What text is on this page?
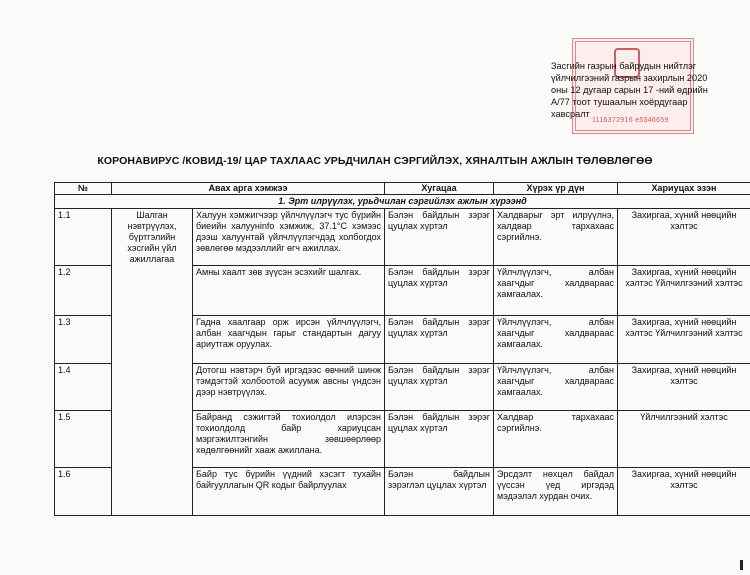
1116372916 e5346659
Засгийн газрын байрудын нийтлэг
үйлчилгээний газрын захирлын 2020
оны 12 дугаар сарын 17 -ний өдрийн
А/77 тоот тушаалын хоёрдугаар
хавсралт
КОРОНАВИРУС /КОВИД-19/ ЦАР ТАХЛААС УРЬДЧИЛАН СЭРГИЙЛЭХ, ХЯНАЛТЫН АЖЛЫН ТӨЛӨВЛӨГӨӨ
№	Авах арга хэмжээ		Хугацаа	Хүрэх үр дүн	Хариуцах эзэн
1. Эрт илрүүлэх, урьдчилан сэргийлэх ажлын хүрээнд					
1.1	Шалган нэвтрүүлэх, бүртгэлийн хэсгийн үйл ажиллагаа	Халуун хэмжигчээр үйлчлүүлэгч тус бүрийн биеийн халуунinfo хэмжиж, 37.1°С хэмээс дээш халуунтай үйлчлүүлэгчдэд холбогдох зөвлөгөө мэдээллийг өгч ажиллах.	Бэлэн байдлын зэрэг цуцлах хүртэл	Халдварыг эрт илрүүлнэ, халдвар тархахаас сэргийлнэ.	Захиргаа, хүний нөөцийн хэлтэс
1.2		Амны хаалт зөв зүүсэн эсэхийг шалгах.	Бэлэн байдлын зэрэг цуцлах хүртэл	Үйлчлүүлэгч, албан хаагчдыг халдвараас хамгаалах.	Захиргаа, хүний нөөцийн хэлтэс Үйлчилгээний хэлтэс
1.3		Гадна хаалгаар орж ирсэн үйлчлүүлэгч, албан хаагчдын гарыг стандартын дагуу ариутгаж оруулах.	Бэлэн байдлын зэрэг цуцлах хүртэл	Үйлчлүүлэгч, албан хаагчдыг халдвараас хамгаалах.	Захиргаа, хүний нөөцийн хэлтэс Үйлчилгээний хэлтэс
1.4		Дотогш нэвтэрч буй иргэдээс өвчний шинж тэмдэгтэй холбоотой асуумж авсны үндсэн дээр нэвтрүүлэх.	Бэлэн байдлын зэрэг цуцлах хүртэл	Үйлчлүүлэгч, албан хаагчдыг халдвараас хамгаалах.	Захиргаа, хүний нөөцийн хэлтэс
1.5		Байранд сэжигтэй тохиолдол илэрсэн тохиолдолд байр хариуцсан мэргэжилтэнгийн зөвшөөрлөөр хөдөлгөөнийг хааж ажиллана.	Бэлэн байдлын зэрэг цуцлах хүртэл	Халдвар тархахаас сэргийлнэ.	Үйлчилгээний хэлтэс
1.6		Байр тус бүрийн үүдний хэсэгт тухайн байгууллагын QR кодыг байрлуулах	Бэлэн байдлын зэрэглэл цуцлах хүртэл	Эрсдэлт нөхцөл байдал үүссэн үед иргэдэд мэдээлэл хурдан очих.	Захиргаа, хүний нөөцийн хэлтэс
